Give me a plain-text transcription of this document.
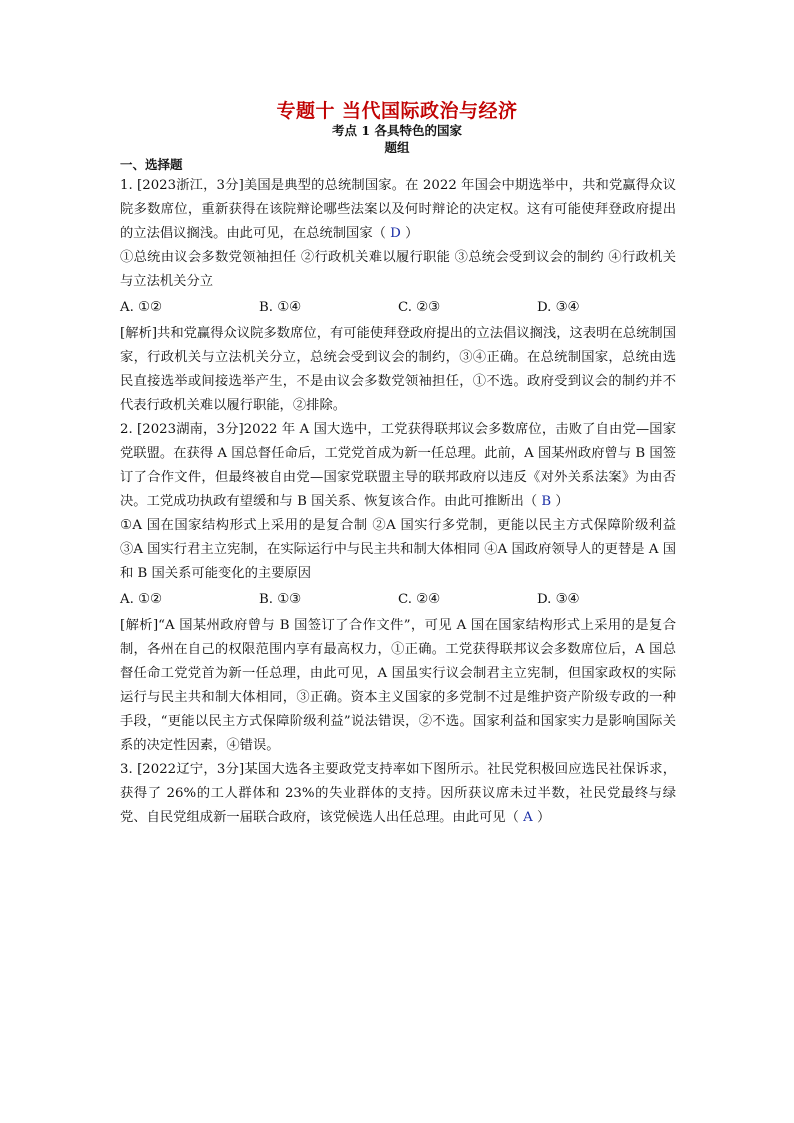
专题十 当代国际政治与经济
考点 1 各具特色的国家
题组
一、选择题

1. [2023浙江，3分]美国是典型的总统制国家。在 2022 年国会中期选举中，共和党赢得众议院多数席位，重新获得在该院辩论哪些法案以及何时辩论的决定权。这有可能使拜登政府提出的立法倡议搁浅。由此可见，在总统制国家（ D ）

①总统由议会多数党领袖担任 ②行政机关难以履行职能 ③总统会受到议会的制约 ④行政机关与立法机关分立

A. ①②	B. ①④	C. ②③	D. ③④

[解析]共和党赢得众议院多数席位，有可能使拜登政府提出的立法倡议搁浅，这表明在总统制国家，行政机关与立法机关分立，总统会受到议会的制约，③④正确。在总统制国家，总统由选民直接选举或间接选举产生，不是由议会多数党领袖担任，①不选。政府受到议会的制约并不代表行政机关难以履行职能，②排除。

2. [2023湖南，3分]2022 年 A 国大选中，工党获得联邦议会多数席位，击败了自由党—国家党联盟。在获得 A 国总督任命后，工党党首成为新一任总理。此前，A 国某州政府曾与 B 国签订了合作文件，但最终被自由党—国家党联盟主导的联邦政府以违反《对外关系法案》为由否决。工党成功执政有望缓和与 B 国关系、恢复该合作。由此可推断出（ B ）

①A 国在国家结构形式上采用的是复合制 ②A 国实行多党制，更能以民主方式保障阶级利益 ③A 国实行君主立宪制，在实际运行中与民主共和制大体相同 ④A 国政府领导人的更替是 A 国和 B 国关系可能变化的主要原因

A. ①②	B. ①③	C. ②④	D. ③④

[解析]“A 国某州政府曾与 B 国签订了合作文件”，可见 A 国在国家结构形式上采用的是复合制，各州在自己的权限范围内享有最高权力，①正确。工党获得联邦议会多数席位后，A 国总督任命工党党首为新一任总理，由此可见，A 国虽实行议会制君主立宪制，但国家政权的实际运行与民主共和制大体相同，③正确。资本主义国家的多党制不过是维护资产阶级专政的一种手段，“更能以民主方式保障阶级利益”说法错误，②不选。国家利益和国家实力是影响国际关系的决定性因素，④错误。

3. [2022辽宁，3分]某国大选各主要政党支持率如下图所示。社民党积极回应选民社保诉求，获得了 26%的工人群体和 23%的失业群体的支持。因所获议席未过半数，社民党最终与绿党、自民党组成新一届联合政府，该党候选人出任总理。由此可见（ A ）
